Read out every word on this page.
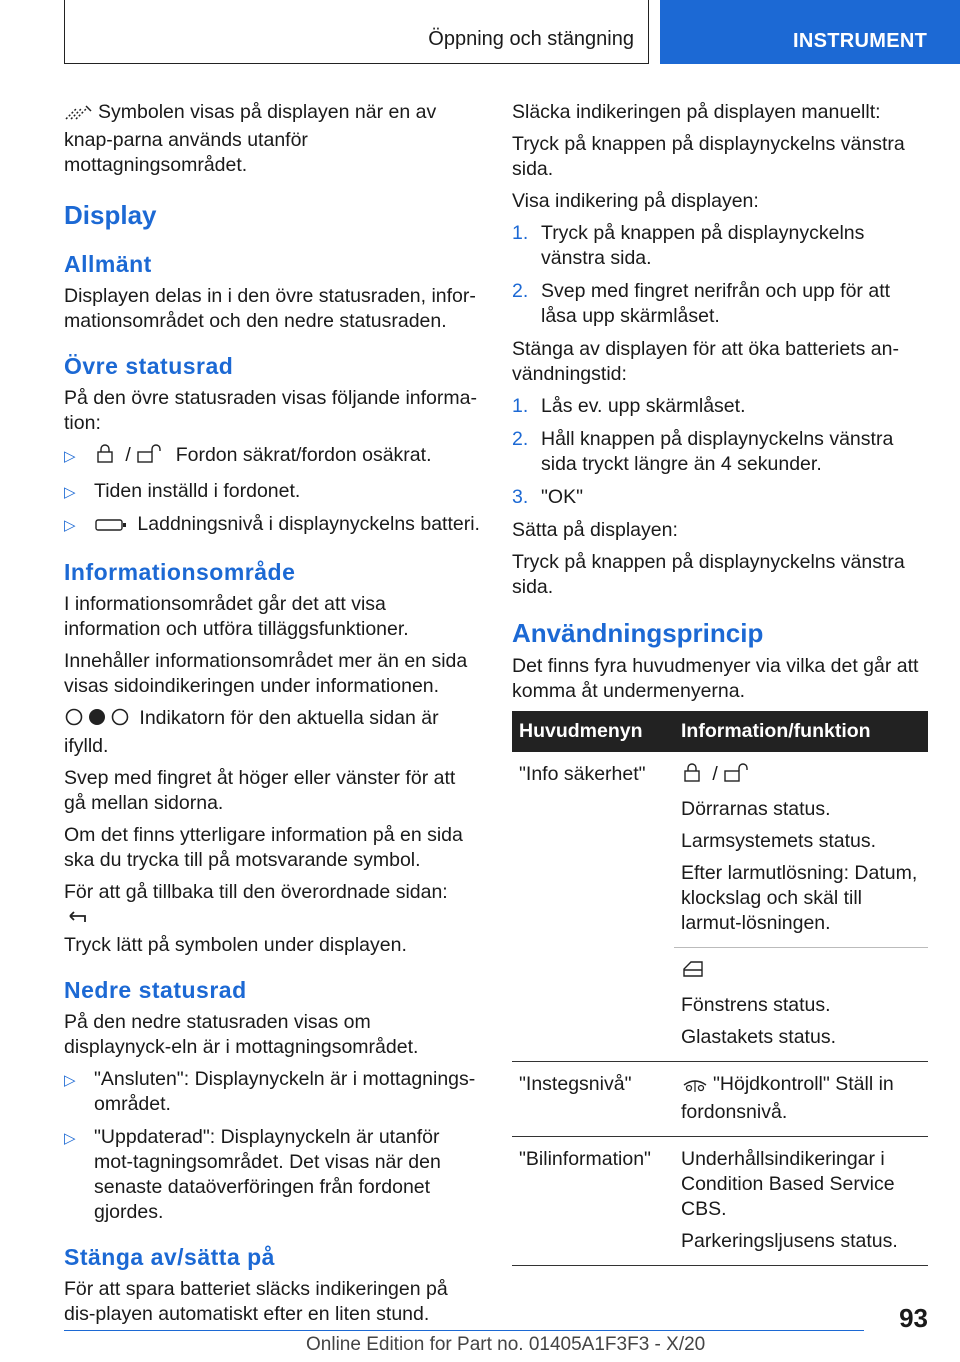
Öppning och stängning	INSTRUMENT

Symbolen visas på displayen när en av knap‐parna används utanför mottagningsområdet.

Display
Allmänt

Displayen delas in i den övre statusraden, infor‐mationsområdet och den nedre statusraden.

Övre statusrad

På den övre statusraden visas följande informa‐tion:

▷	/ Fordon säkrat/fordon osäkrat.
▷ Tiden inställd i fordonet.
▷	Laddningsnivå i displaynyckelns batteri.
Informationsområde

I informationsområdet går det att visa information och utföra tilläggsfunktioner.

Innehåller informationsområdet mer än en sida visas sidoindikeringen under informationen.

Indikatorn för den aktuella sidan är ifylld.

Svep med fingret åt höger eller vänster för att gå mellan sidorna.

Om det finns ytterligare information på en sida ska du trycka till på motsvarande symbol.

För att gå tillbaka till den överordnade sidan:
Tryck lätt på symbolen under displayen.

Nedre statusrad

På den nedre statusraden visas om displaynyck‐eln är i mottagningsområdet.

▷ "Ansluten": Displaynyckeln är i mottagnings‐området.
▷ "Uppdaterad": Displaynyckeln är utanför mot‐tagningsområdet. Det visas när den senaste dataöverföringen från fordonet gjordes.
Stänga av/sätta på

För att spara batteriet släcks indikeringen på dis‐playen automatiskt efter en liten stund.

Släcka indikeringen på displayen manuellt:

Tryck på knappen på displaynyckelns vänstra sida.

Visa indikering på displayen:

1. Tryck på knappen på displaynyckelns vänstra sida.
2. Svep med fingret nerifrån och upp för att låsa upp skärmlåset.

Stänga av displayen för att öka batteriets an‐vändningstid:

1. Lås ev. upp skärmlåset.
2. Håll knappen på displaynyckelns vänstra sida tryckt längre än 4 sekunder.
3. "OK"

Sätta på displayen:

Tryck på knappen på displaynyckelns vänstra sida.

Användningsprincip

Det finns fyra huvudmenyer via vilka det går att komma åt undermenyerna.

Huvudmenyn	Information/funktion
"Info säkerhet"	/

Dörrarnas status.

Larmsystemets status.

Efter larmutlösning: Datum, klockslag och skäl till larmut‐lösningen.

	Fönstrens status.

Glastakets status.

"Instegsnivå"	"Höjdkontroll" Ställ in fordonsnivå.

"Bilinformation"	Underhållsindikeringar i Condition Based Service CBS.

Parkeringsljusens status.

93
Online Edition for Part no. 01405A1F3F3 - X/20
